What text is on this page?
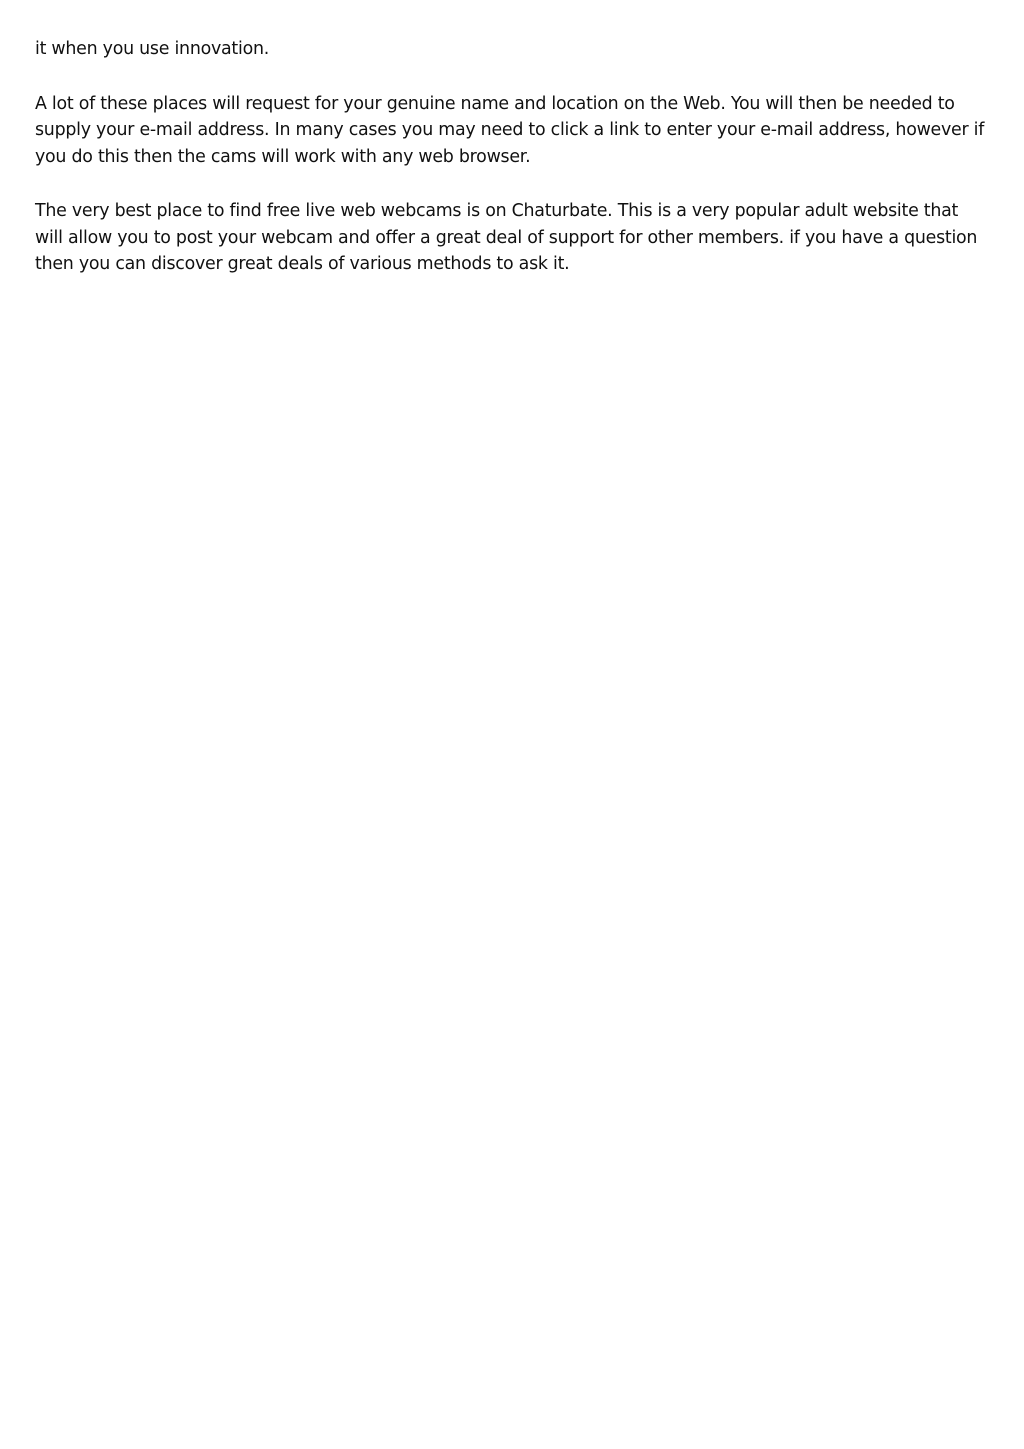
it when you use innovation.

A lot of these places will request for your genuine name and location on the Web. You will then be needed to supply your e-mail address. In many cases you may need to click a link to enter your e-mail address, however if you do this then the cams will work with any web browser.

The very best place to find free live web webcams is on Chaturbate. This is a very popular adult website that will allow you to post your webcam and offer a great deal of support for other members. if you have a question then you can discover great deals of various methods to ask it.
